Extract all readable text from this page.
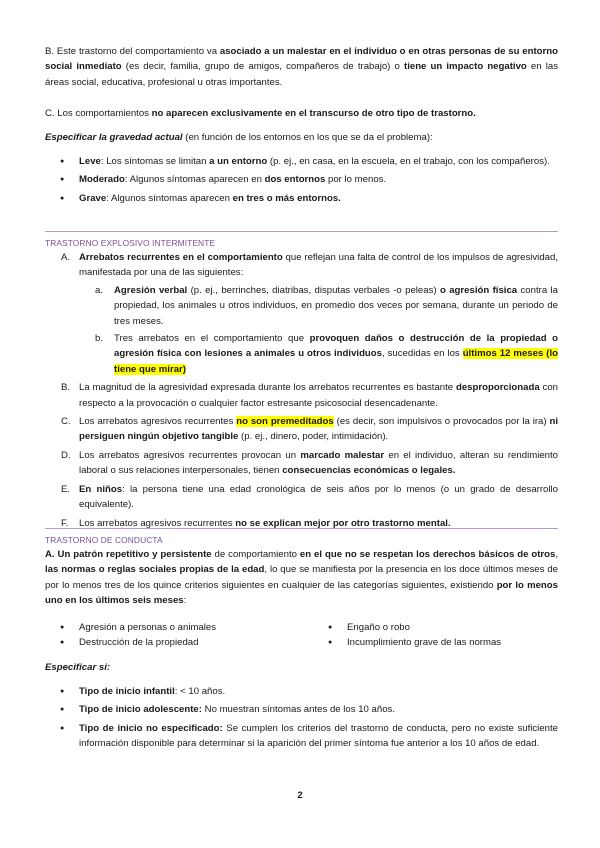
B. Este trastorno del comportamiento va asociado a un malestar en el individuo o en otras personas de su entorno social inmediato (es decir, familia, grupo de amigos, compañeros de trabajo) o tiene un impacto negativo en las áreas social, educativa, profesional u otras importantes.

C. Los comportamientos no aparecen exclusivamente en el transcurso de otro tipo de trastorno.

Especificar la gravedad actual (en función de los entornos en los que se da el problema):

● Leve: Los síntomas se limitan a un entorno (p. ej., en casa, en la escuela, en el trabajo, con los compañeros).
● Moderado: Algunos síntomas aparecen en dos entornos por lo menos.
● Grave: Algunos síntomas aparecen en tres o más entornos.
TRASTORNO EXPLOSIVO INTERMITENTE
A. Arrebatos recurrentes en el comportamiento que reflejan una falta de control de los impulsos de agresividad, manifestada por una de las siguientes:
a. Agresión verbal (p. ej., berrinches, diatribas, disputas verbales -o peleas) o agresión física contra la propiedad, los animales u otros individuos, en promedio dos veces por semana, durante un periodo de tres meses.
b. Tres arrebatos en el comportamiento que provoquen daños o destrucción de la propiedad o agresión física con lesiones a animales u otros individuos, sucedidas en los últimos 12 meses (lo tiene que mirar)
B. La magnitud de la agresividad expresada durante los arrebatos recurrentes es bastante desproporcionada con respecto a la provocación o cualquier factor estresante psicosocial desencadenante.
C. Los arrebatos agresivos recurrentes no son premeditados (es decir, son impulsivos o provocados por la ira) ni persiguen ningún objetivo tangible (p. ej., dinero, poder, intimidación).
D. Los arrebatos agresivos recurrentes provocan un marcado malestar en el individuo, alteran su rendimiento laboral o sus relaciones interpersonales, tienen consecuencias económicas o legales.
E. En niños: la persona tiene una edad cronológica de seis años por lo menos (o un grado de desarrollo equivalente).
F. Los arrebatos agresivos recurrentes no se explican mejor por otro trastorno mental.
TRASTORNO DE CONDUCTA

A. Un patrón repetitivo y persistente de comportamiento en el que no se respetan los derechos básicos de otros, las normas o reglas sociales propias de la edad, lo que se manifiesta por la presencia en los doce últimos meses de por lo menos tres de los quince criterios siguientes en cualquier de las categorías siguientes, existiendo por lo menos uno en los últimos seis meses:

● Agresión a personas o animales
● Destrucción de la propiedad
● Engaño o robo
● Incumplimiento grave de las normas

Especificar si:

● Tipo de inicio infantil: < 10 años.
● Tipo de inicio adolescente: No muestran síntomas antes de los 10 años.
● Tipo de inicio no especificado: Se cumplen los criterios del trastorno de conducta, pero no existe suficiente información disponible para determinar si la aparición del primer síntoma fue anterior a los 10 años de edad.
2
